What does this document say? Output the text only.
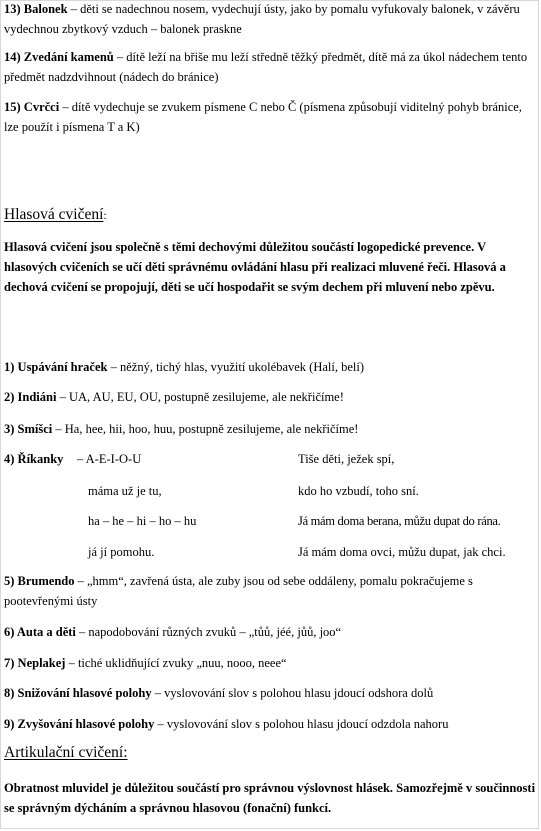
13) Balonek – děti se nadechnou nosem, vydechují ústy, jako by pomalu vyfukovaly balonek, v závěru vydechnou zbytkový vzduch – balonek praskne

14) Zvedání kamenů – dítě leží na břiše mu leží středně těžký předmět, dítě má za úkol nádechem tento předmět nadzdvihnout (nádech do bránice)

15) Cvrčci – dítě vydechuje se zvukem písmene C nebo Č (písmena způsobují viditelný pohyb bránice, lze použít i písmena T a K)

Hlasová cvičení:

Hlasová cvičení jsou společně s těmi dechovými důležitou součástí logopedické prevence. V hlasových cvičeních se učí děti správnému ovládání hlasu při realizaci mluvené řeči. Hlasová a dechová cvičení se propojují, děti se učí hospodařit se svým dechem při mluvení nebo zpěvu.

1) Uspávání hraček – něžný, tichý hlas, využití ukolébavek (Halí, belí)

2) Indiáni – UA, AU, EU, OU, postupně zesilujeme, ale nekřičíme!

3) Smíšci – Ha, hee, hii, hoo, huu, postupně zesilujeme, ale nekřičíme!

4) Říkanky – A-E-I-O-U
máma už je tu,
ha – he – hi – ho – hu
já jí pomohu.
Tiše děti, ježek spí,
kdo ho vzbudí, toho sní.
Já mám doma berana, můžu dupat do rána.
Já mám doma ovci, můžu dupat, jak chci.

5) Brumendo – „hmm“, zavřená ústa, ale zuby jsou od sebe oddáleny, pomalu pokračujeme s pootevřenými ústy

6) Auta a děti – napodobování různých zvuků – „tůů, jéé, jůů, joo“

7) Neplakej – tiché uklidňující zvuky „nuu, nooo, neee“

8) Snižování hlasové polohy – vyslovování slov s polohou hlasu jdoucí odshora dolů

9) Zvyšování hlasové polohy – vyslovování slov s polohou hlasu jdoucí odzdola nahoru

Artikulační cvičení:

Obratnost mluvidel je důležitou součástí pro správnou výslovnost hlásek. Samozřejmě v součinnosti se správným dýcháním a správnou hlasovou (fonační) funkcí.
